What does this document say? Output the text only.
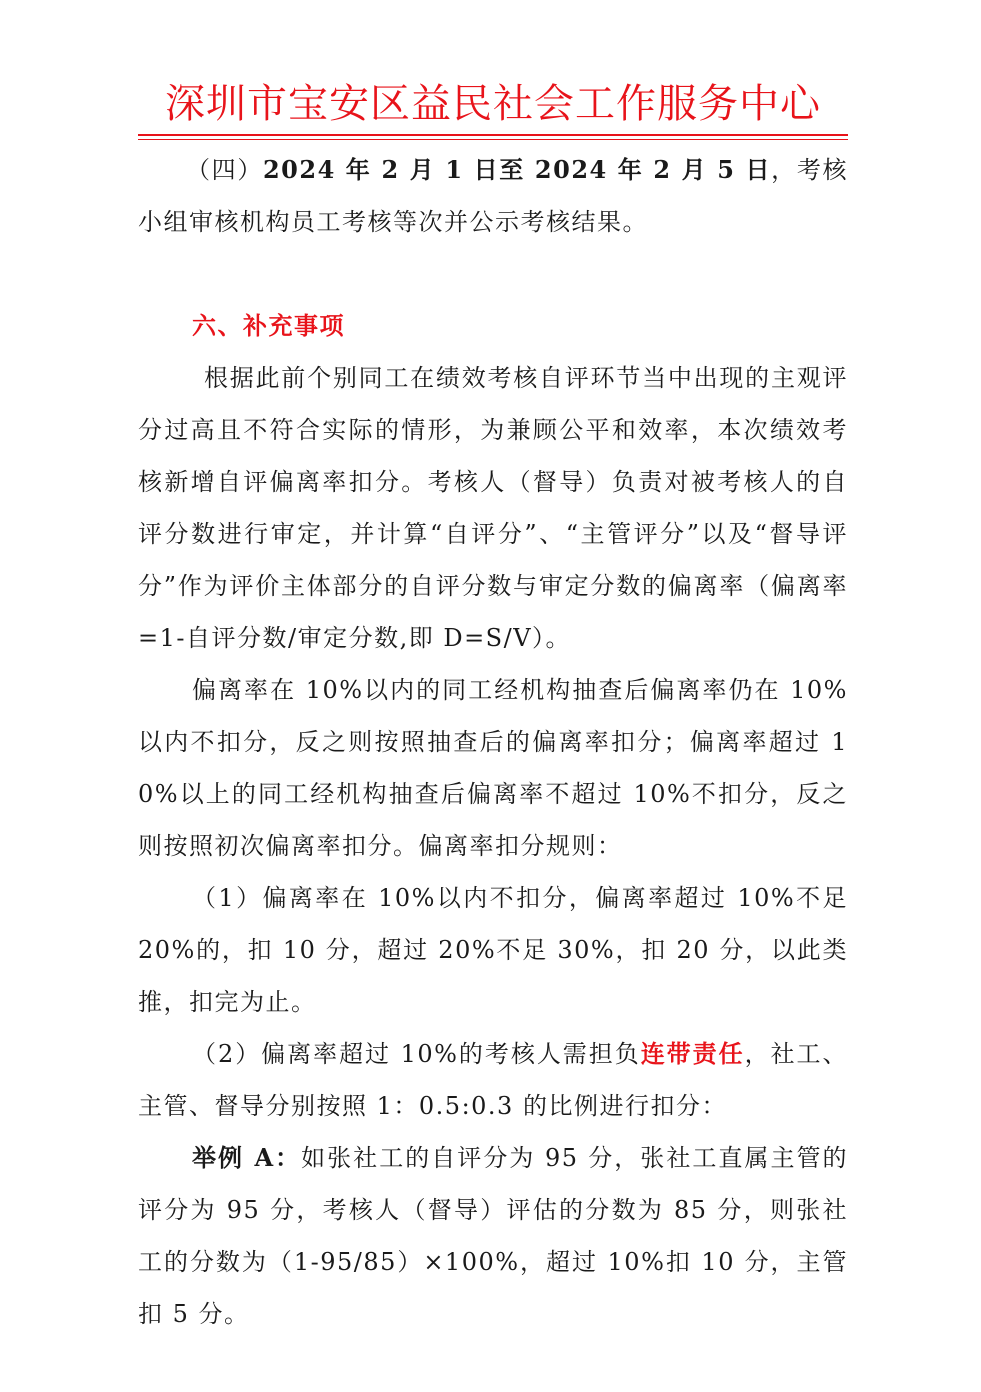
深圳市宝安区益民社会工作服务中心
（四）2024 年 2 月 1 日至 2024 年 2 月 5 日，考核小组审核机构员工考核等次并公示考核结果。
六、补充事项
根据此前个别同工在绩效考核自评环节当中出现的主观评分过高且不符合实际的情形，为兼顾公平和效率，本次绩效考核新增自评偏离率扣分。考核人（督导）负责对被考核人的自评分数进行审定，并计算“自评分”、“主管评分”以及“督导评分”作为评价主体部分的自评分数与审定分数的偏离率（偏离率=1-自评分数/审定分数,即 D=S/V）。
偏离率在 10%以内的同工经机构抽查后偏离率仍在 10%以内不扣分，反之则按照抽查后的偏离率扣分；偏离率超过 10%以上的同工经机构抽查后偏离率不超过 10%不扣分，反之则按照初次偏离率扣分。偏离率扣分规则：
（1）偏离率在 10%以内不扣分，偏离率超过 10%不足 20%的，扣 10 分，超过 20%不足 30%，扣 20 分，以此类推，扣完为止。
（2）偏离率超过 10%的考核人需担负连带责任，社工、主管、督导分别按照 1：0.5:0.3 的比例进行扣分：
举例 A：如张社工的自评分为 95 分，张社工直属主管的评分为 95 分，考核人（督导）评估的分数为 85 分，则张社工的分数为（1-95/85）×100%，超过 10%扣 10 分，主管扣 5 分。
